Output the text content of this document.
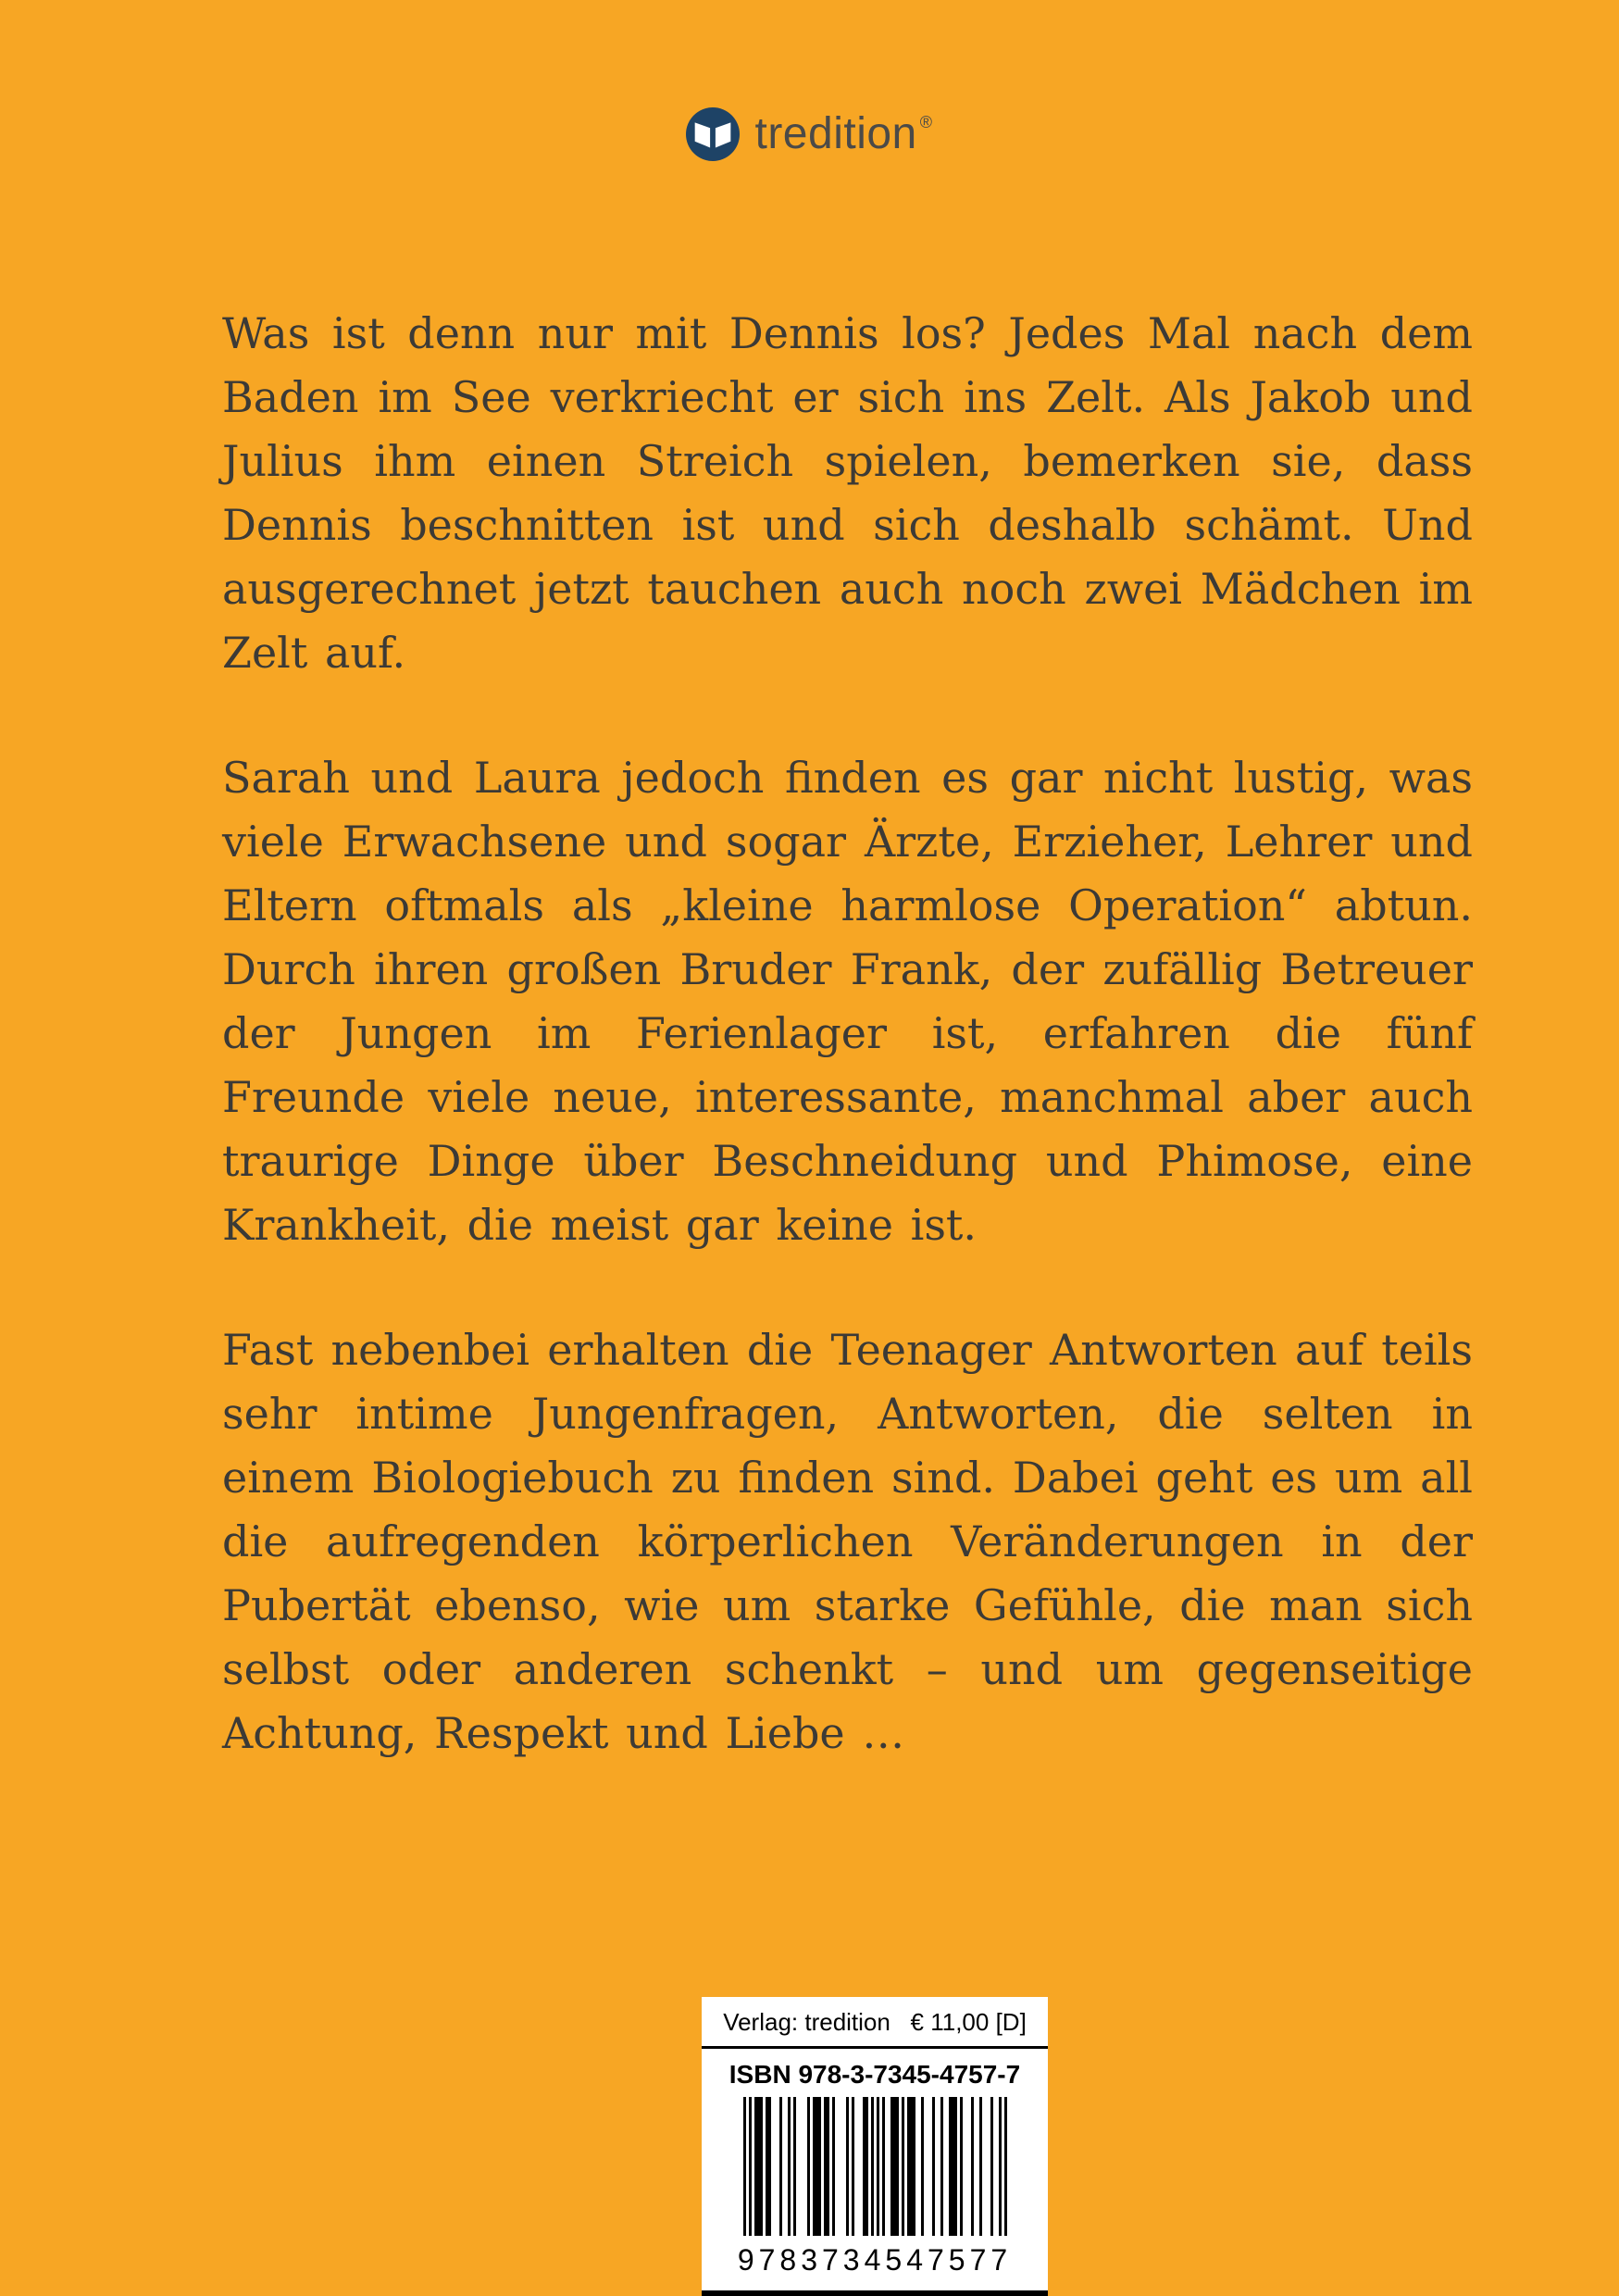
tredition ®

Was ist denn nur mit Dennis los? Jedes Mal nach dem Baden im See verkriecht er sich ins Zelt. Als Jakob und Julius ihm einen Streich spielen, bemerken sie, dass Dennis beschnitten ist und sich deshalb schämt. Und ausgerechnet jetzt tauchen auch noch zwei Mädchen im Zelt auf.

Sarah und Laura jedoch finden es gar nicht lustig, was viele Erwachsene und sogar Ärzte, Erzieher, Lehrer und Eltern oftmals als „kleine harmlose Operation“ abtun. Durch ihren großen Bruder Frank, der zufällig Betreuer der Jungen im Ferienlager ist, erfahren die fünf Freunde viele neue, interessante, manchmal aber auch traurige Dinge über Beschneidung und Phimose, eine Krankheit, die meist gar keine ist.

Fast nebenbei erhalten die Teenager Antworten auf teils sehr intime Jungenfragen, Antworten, die selten in einem Biologiebuch zu finden sind. Dabei geht es um all die aufregenden körperlichen Veränderungen in der Pubertät ebenso, wie um starke Gefühle, die man sich selbst oder anderen schenkt – und um gegenseitige Achtung, Respekt und Liebe …

Verlag: tredition   € 11,00 [D]
ISBN 978-3-7345-4757-7
9783734547577
